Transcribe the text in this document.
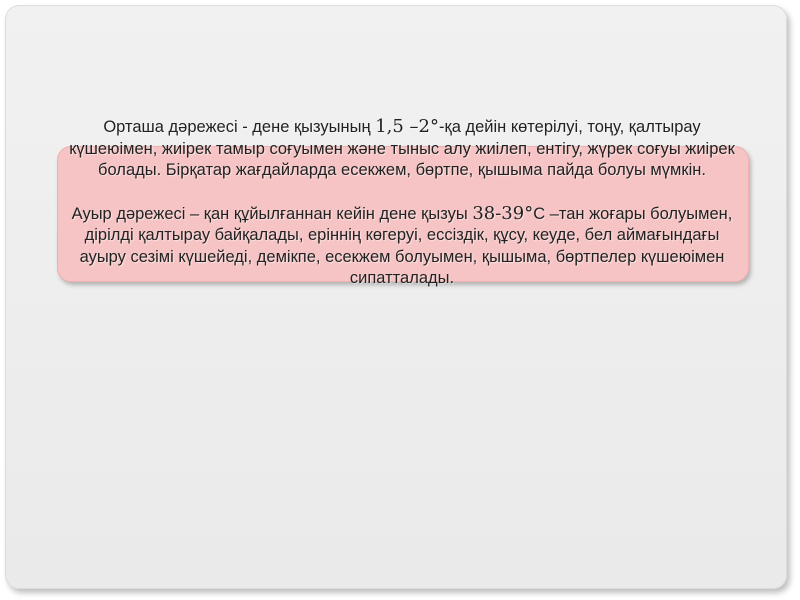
Орташа дәрежесі - дене қызуының 1,5 –2°-қа дейін көтерілуі, тоңу, қалтырау күшеюімен, жиірек тамыр соғуымен және тыныс алу жиілеп, ентігу, жүрек соғуы жиірек болады. Бірқатар жағдайларда есекжем, бөртпе, қышыма пайда болуы мүмкін.

Ауыр дәрежесі – қан құйылғаннан кейін дене қызуы 38-39°С –тан жоғары болуымен, дірілді қалтырау байқалады, еріннің көгеруі, ессіздік, құсу, кеуде, бел аймағындағы ауыру сезімі күшейеді, демікпе, есекжем болуымен, қышыма, бөртпелер күшеюімен сипатталады.
